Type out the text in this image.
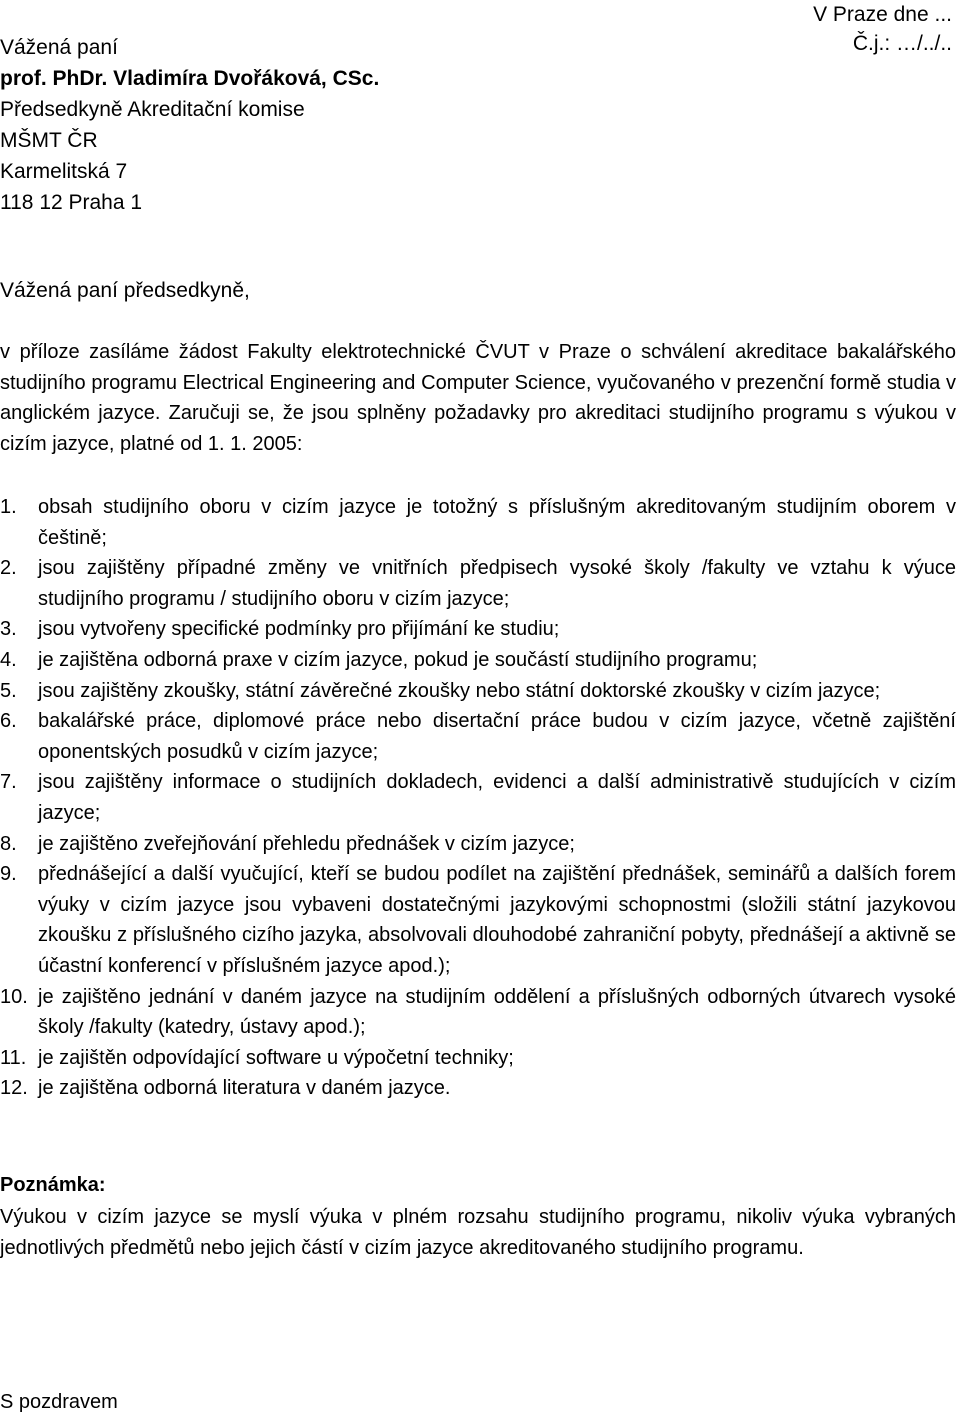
V Praze dne ...
Č.j.: …/../..
Vážená paní
prof. PhDr. Vladimíra Dvořáková, CSc.
Předsedkyně Akreditační komise
MŠMT ČR
Karmelitská 7
118 12 Praha 1
Vážená paní předsedkyně,
v příloze zasíláme žádost Fakulty elektrotechnické ČVUT v Praze o schválení akreditace bakalářského studijního programu Electrical Engineering and Computer Science, vyučovaného v prezenční formě studia v anglickém jazyce. Zaručuji se, že jsou splněny požadavky pro akreditaci studijního programu s výukou v cizím jazyce, platné od 1. 1. 2005:
1. obsah studijního oboru v cizím jazyce je totožný s příslušným akreditovaným studijním oborem v češtině;
2. jsou zajištěny případné změny ve vnitřních předpisech vysoké školy /fakulty ve vztahu k výuce studijního programu / studijního oboru v cizím jazyce;
3. jsou vytvořeny specifické podmínky pro přijímání ke studiu;
4. je zajištěna odborná praxe v cizím jazyce, pokud je součástí studijního programu;
5. jsou zajištěny zkoušky, státní závěrečné zkoušky nebo státní doktorské zkoušky v cizím jazyce;
6. bakalářské práce, diplomové práce nebo disertační práce budou v cizím jazyce, včetně zajištění oponentských posudků v cizím jazyce;
7. jsou zajištěny informace o studijních dokladech, evidenci a další administrativě studujících v cizím jazyce;
8. je zajištěno zveřejňování přehledu přednášek v cizím jazyce;
9. přednášející a další vyučující, kteří se budou podílet na zajištění přednášek, seminářů a dalších forem výuky v cizím jazyce jsou vybaveni dostatečnými jazykovými schopnostmi (složili státní jazykovou zkoušku z příslušného cizího jazyka, absolvovali dlouhodobé zahraniční pobyty, přednášejí a aktivně se účastní konferencí v příslušném jazyce apod.);
10. je zajištěno jednání v daném jazyce na studijním oddělení a příslušných odborných útvarech vysoké školy /fakulty (katedry, ústavy apod.);
11. je zajištěn odpovídající software u výpočetní techniky;
12. je zajištěna odborná literatura v daném jazyce.
Poznámka:
Výukou v cizím jazyce se myslí výuka v plném rozsahu studijního programu, nikoliv výuka vybraných jednotlivých předmětů nebo jejich částí v cizím jazyce akreditovaného studijního programu.
S pozdravem
